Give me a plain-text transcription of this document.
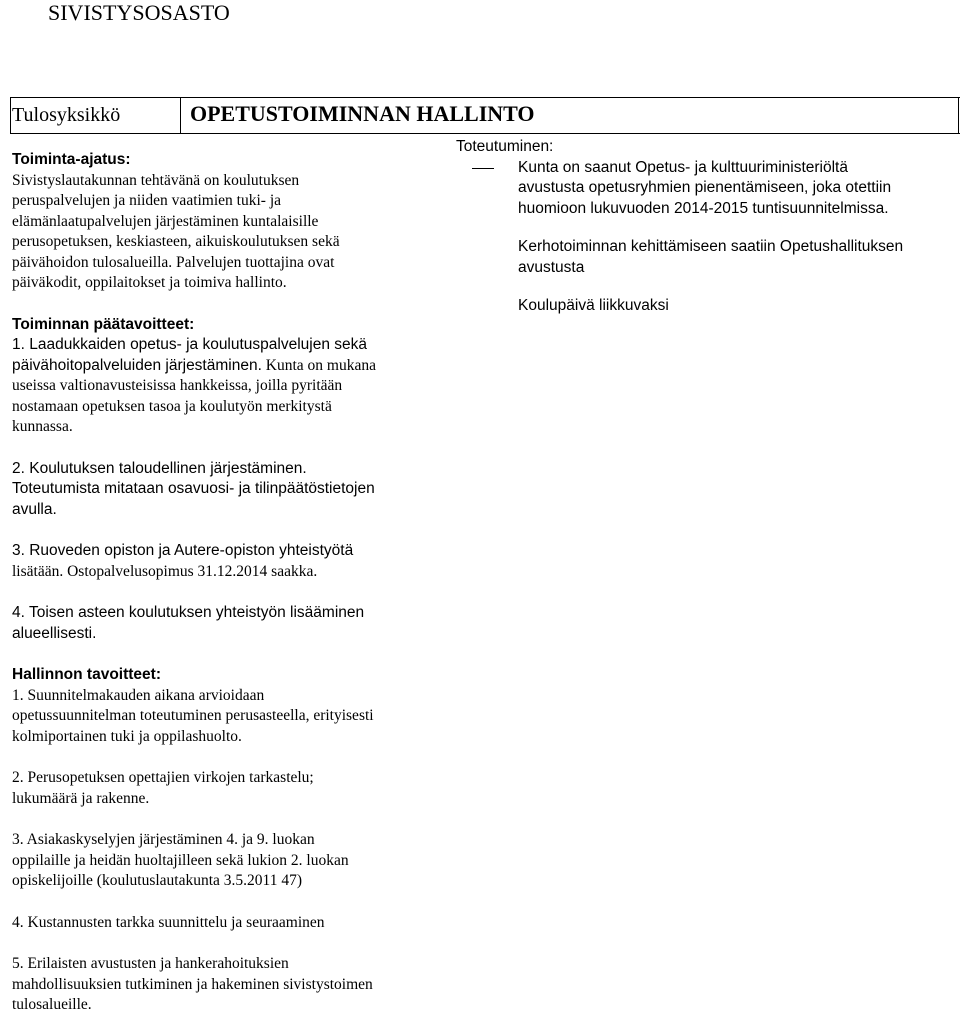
SIVISTYSOSASTO
Tulosyksikkö	OPETUSTOIMINNAN HALLINTO

Toiminta-ajatus:

Sivistyslautakunnan tehtävänä on koulutuksen

peruspalvelujen ja niiden vaatimien tuki- ja

elämänlaatupalvelujen järjestäminen kuntalaisille

perusopetuksen, keskiasteen, aikuiskoulutuksen sekä

päivähoidon tulosalueilla. Palvelujen tuottajina ovat

päiväkodit, oppilaitokset ja toimiva hallinto.

Toiminnan päätavoitteet:

1. Laadukkaiden opetus- ja koulutuspalvelujen sekä

päivähoitopalveluiden järjestäminen. Kunta on mukana

useissa valtionavusteisissa hankkeissa, joilla pyritään

nostamaan opetuksen tasoa ja koulutyön merkitystä

kunnassa.

2. Koulutuksen taloudellinen järjestäminen.

Toteutumista mitataan osavuosi- ja tilinpäätöstietojen

avulla.

3. Ruoveden opiston ja Autere-opiston yhteistyötä

lisätään. Ostopalvelusopimus 31.12.2014 saakka.

4. Toisen asteen koulutuksen yhteistyön lisääminen

alueellisesti.

Hallinnon tavoitteet:

1. Suunnitelmakauden aikana arvioidaan

opetussuunnitelman toteutuminen perusasteella, erityisesti

kolmiportainen tuki ja oppilashuolto.

2. Perusopetuksen opettajien virkojen tarkastelu;

lukumäärä ja rakenne.

3. Asiakaskyselyjen järjestäminen 4. ja 9. luokan

oppilaille ja heidän huoltajilleen sekä lukion 2. luokan

opiskelijoille (koulutuslautakunta 3.5.2011 47)

4. Kustannusten tarkka suunnittelu ja seuraaminen

5. Erilaisten avustusten ja hankerahoituksien

mahdollisuuksien tutkiminen ja hakeminen sivistystoimen

tulosalueille.

Toteutuminen:
Kunta on saanut Opetus- ja kulttuuriministeriöltä
avustusta opetusryhmien pienentämiseen, joka otettiin
huomioon lukuvuoden 2014-2015 tuntisuunnitelmissa.
Kerhotoiminnan kehittämiseen saatiin Opetushallituksen
avustusta
Koulupäivä liikkuvaksi
